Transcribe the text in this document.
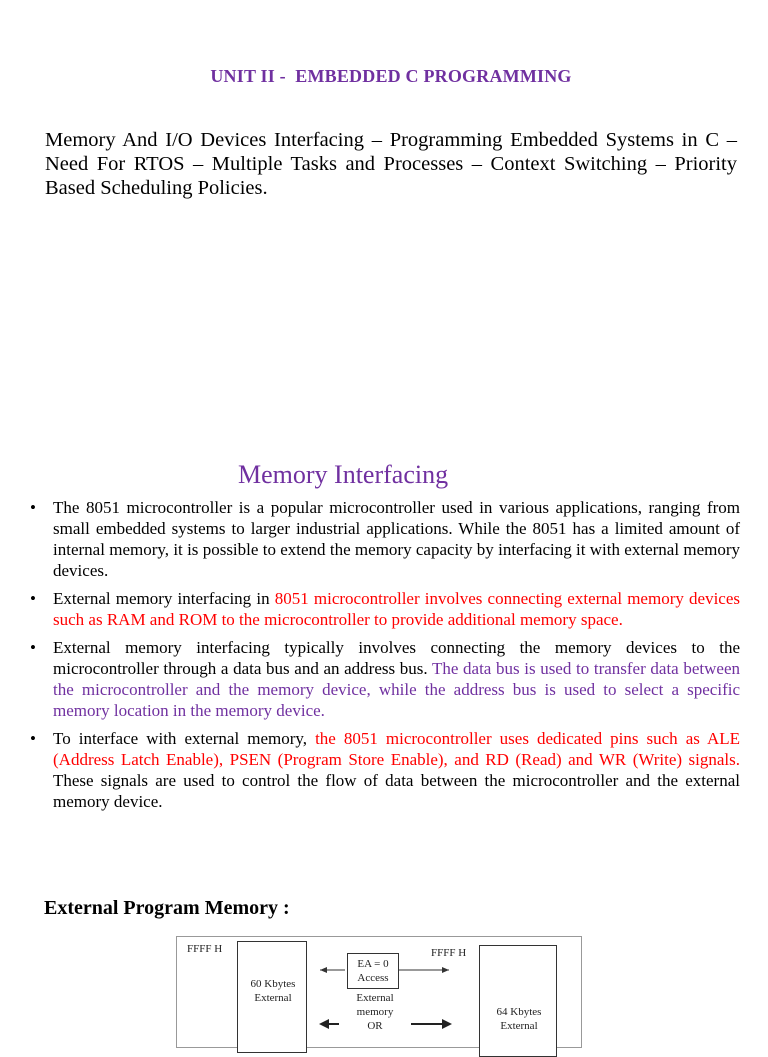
UNIT II -  EMBEDDED C PROGRAMMING
Memory And I/O Devices Interfacing – Programming Embedded Systems in C – Need For RTOS – Multiple Tasks and Processes – Context Switching – Priority Based Scheduling Policies.
Memory Interfacing
• The 8051 microcontroller is a popular microcontroller used in various applications, ranging from small embedded systems to larger industrial applications. While the 8051 has a limited amount of internal memory, it is possible to extend the memory capacity by interfacing it with external memory devices.
• External memory interfacing in 8051 microcontroller involves connecting external memory devices such as RAM and ROM to the microcontroller to provide additional memory space.
• External memory interfacing typically involves connecting the memory devices to the microcontroller through a data bus and an address bus. The data bus is used to transfer data between the microcontroller and the memory device, while the address bus is used to select a specific memory location in the memory device.
• To interface with external memory, the 8051 microcontroller uses dedicated pins such as ALE (Address Latch Enable), PSEN (Program Store Enable), and RD (Read) and WR (Write) signals. These signals are used to control the flow of data between the microcontroller and the external memory device.
External Program Memory :
FFFF H
60 Kbytes External
EA = 0 Access
External memory
OR
FFFF H
64 Kbytes External
